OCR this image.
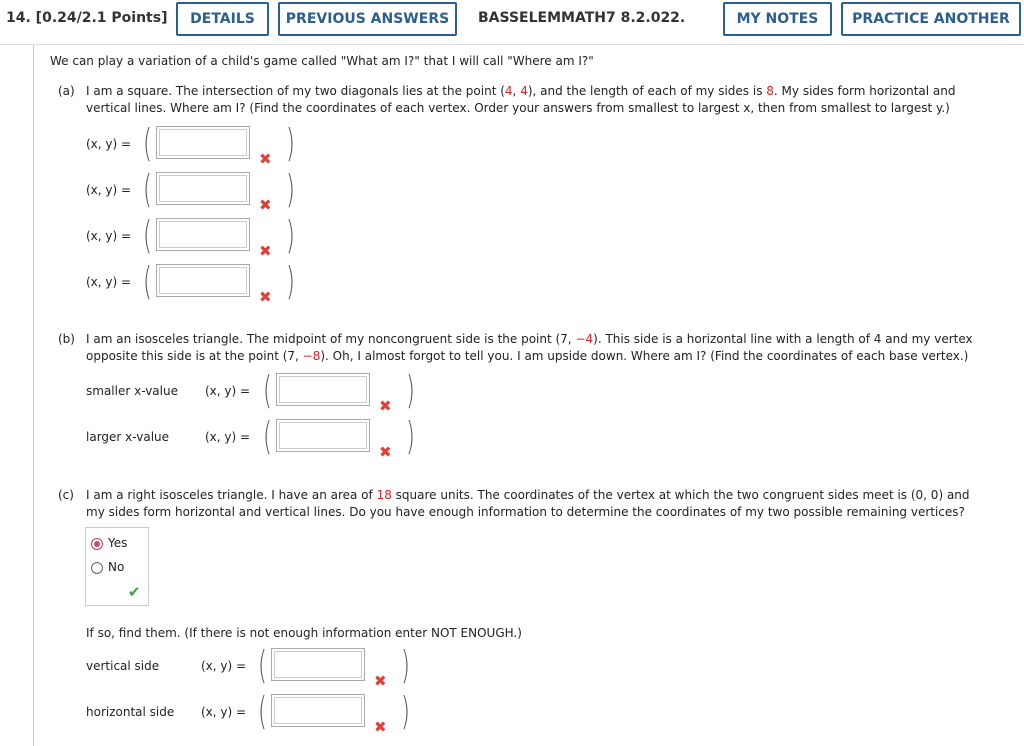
14. [0.24/2.1 Points]	DETAILS	PREVIOUS ANSWERS	BASSELEMMATH7 8.2.022.	MY NOTES	PRACTICE ANOTHER
We can play a variation of a child's game called "What am I?" that I will call "Where am I?"
(a) I am a square. The intersection of my two diagonals lies at the point (4, 4), and the length of each of my sides is 8. My sides form horizontal and
vertical lines. Where am I? (Find the coordinates of each vertex. Order your answers from smallest to largest x, then from smallest to largest y.)
(x, y) = (	✖ )
(x, y) = (	✖ )
(x, y) = (	✖ )
(x, y) = (	✖ )
(b) I am an isosceles triangle. The midpoint of my noncongruent side is the point (7, −4). This side is a horizontal line with a length of 4 and my vertex
opposite this side is at the point (7, −8). Oh, I almost forgot to tell you. I am upside down. Where am I? (Find the coordinates of each base vertex.)
smaller x-value (x, y) = (	✖ )
larger x-value	(x, y) = (	✖ )
(c) I am a right isosceles triangle. I have an area of 18 square units. The coordinates of the vertex at which the two congruent sides meet is (0, 0) and
my sides form horizontal and vertical lines. Do you have enough information to determine the coordinates of my two possible remaining vertices?
Yes
No
✔
If so, find them. (If there is not enough information enter NOT ENOUGH.)
vertical side	(x, y) = (	✖ )
horizontal side (x, y) = (	✖ )
